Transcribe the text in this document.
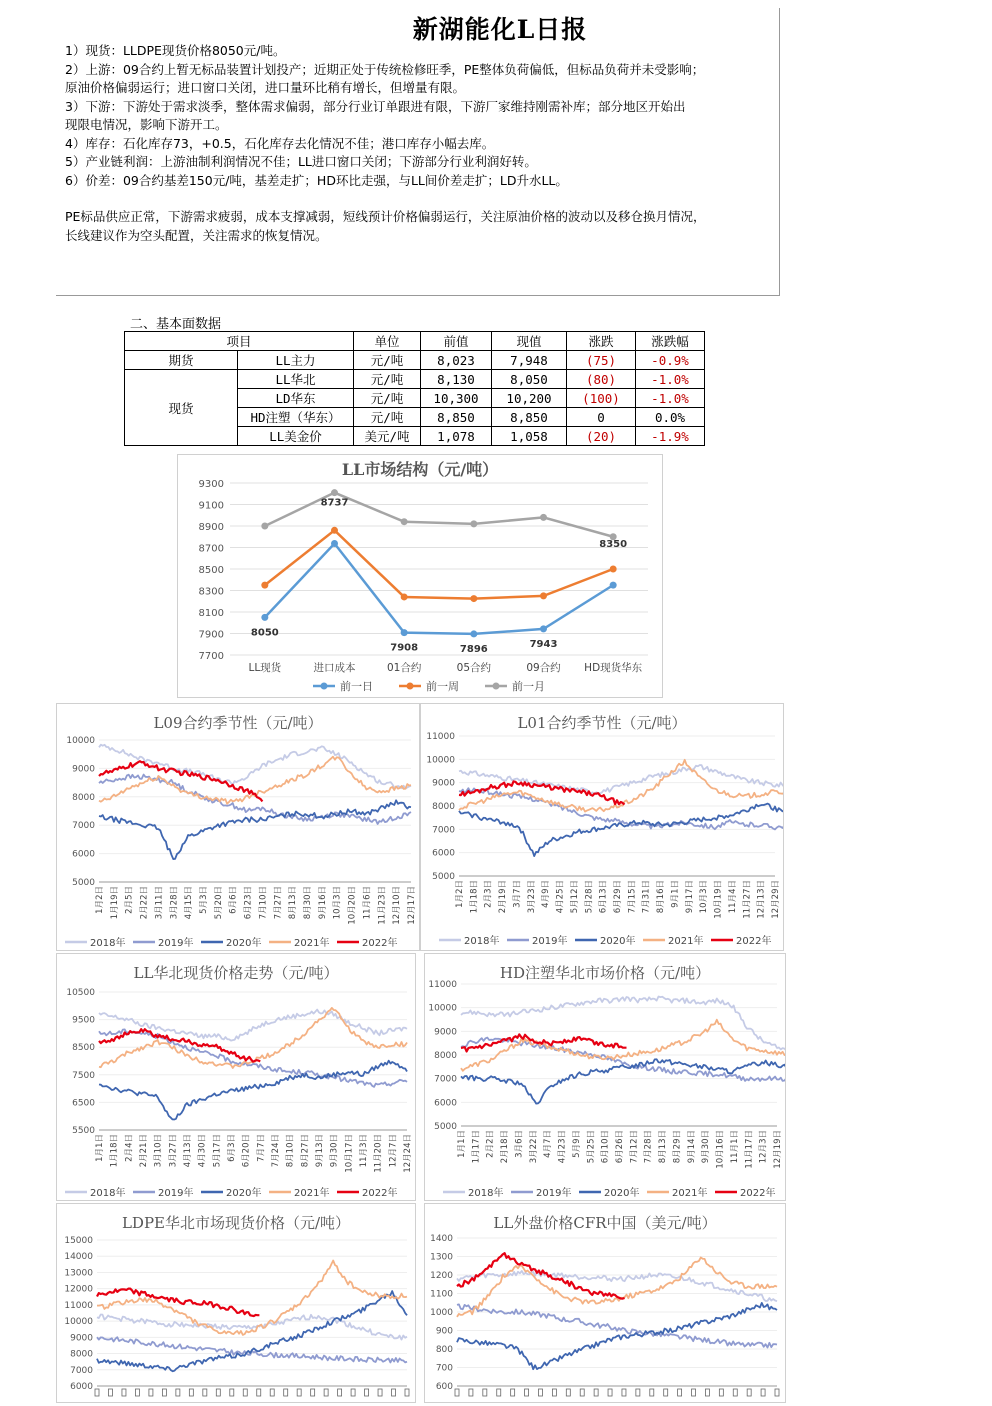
新湖能化L日报
1）现货：LLDPE现货价格8050元/吨。
2）上游：09合约上暂无标品装置计划投产；近期正处于传统检修旺季，PE整体负荷偏低，但标品负荷并未受影响；
原油价格偏弱运行；进口窗口关闭，进口量环比稍有增长，但增量有限。
3）下游：下游处于需求淡季，整体需求偏弱，部分行业订单跟进有限，下游厂家维持刚需补库；部分地区开始出
现限电情况，影响下游开工。
4）库存：石化库存73，+0.5，石化库存去化情况不佳；港口库存小幅去库。
5）产业链利润：上游油制利润情况不佳；LL进口窗口关闭；下游部分行业利润好转。
6）价差：09合约基差150元/吨，基差走扩；HD环比走强，与LL间价差走扩；LD升水LL。
PE标品供应正常，下游需求疲弱，成本支撑减弱，短线预计价格偏弱运行，关注原油价格的波动以及移仓换月情况，
长线建议作为空头配置，关注需求的恢复情况。
二、基本面数据
项目		单位	前值	现值	涨跌	涨跌幅
期货	LL主力	元/吨	8,023	7,948	(75)	-0.9%
现货	LL华北	元/吨	8,130	8,050	(80)	-1.0%
	LD华东	元/吨	10,300	10,200	(100)	-1.0%
	HD注塑（华东）	元/吨	8,850	8,850	0	0.0%
	LL美金价	美元/吨	1,078	1,058	(20)	-1.9%
LL市场结构（元/吨）
7700
7900
8100
8300
8500
8700
8900
9100
9300
LL现货	进口成本	01合约	05合约	09合约 HD现货华东
8050
8737
7908	7896	7943
8350
前一日	前一周	前一月
L09合约季节性（元/吨）
10000
9000
8000
7000
6000
5000
1月2日 1月19日 2月5日 2月22日 3月11日 3月28日 4月15日 5月3日 5月20日 6月6日 6月23日 7月10日 7月27日 8月13日 8月30日 9月16日 10月3日 10月20日 11月6日 11月23日 12月10日 12月17日
2018年	2019年	2020年	2021年	2022年
L01合约季节性（元/吨）
11000
10000
9000
8000
7000
6000
5000
1月2日 1月18日 2月3日 2月19日 3月7日 3月23日 4月9日 4月25日 5月12日 5月28日 6月13日 6月29日 7月15日 7月31日 8月16日 9月1日 9月17日 10月3日 10月19日 11月4日 11月27日 12月13日 12月29日
2018年	2019年	2020年	2021年	2022年
LL华北现货价格走势（元/吨）
10500
9500
8500
7500
6500
5500
1月1日 1月18日 2月4日 2月21日 3月10日 3月27日 4月13日 4月30日 5月17日 6月3日 6月20日 7月7日 7月24日 8月10日 8月27日 9月13日 9月30日 10月17日 11月3日 11月20日 12月7日 12月24日
2018年	2019年	2020年	2021年	2022年
HD注塑华北市场价格（元/吨）
11000
10000
9000
8000
7000
6000
5000
1月1日 1月17日 2月2日 2月18日 3月6日 3月22日 4月7日 4月23日 5月9日 5月25日 6月10日 6月26日 7月12日 7月28日 8月13日 8月29日 9月14日 9月30日 10月16日 11月1日 11月17日 12月3日 12月19日
2018年	2019年	2020年	2021年	2022年
LDPE华北市场现货价格（元/吨）
15000
14000
13000
12000
11000
10000
9000
8000
7000
6000
LL外盘价格CFR中国（美元/吨）
1400
1300
1200
1100
1000
900
800
700
600
